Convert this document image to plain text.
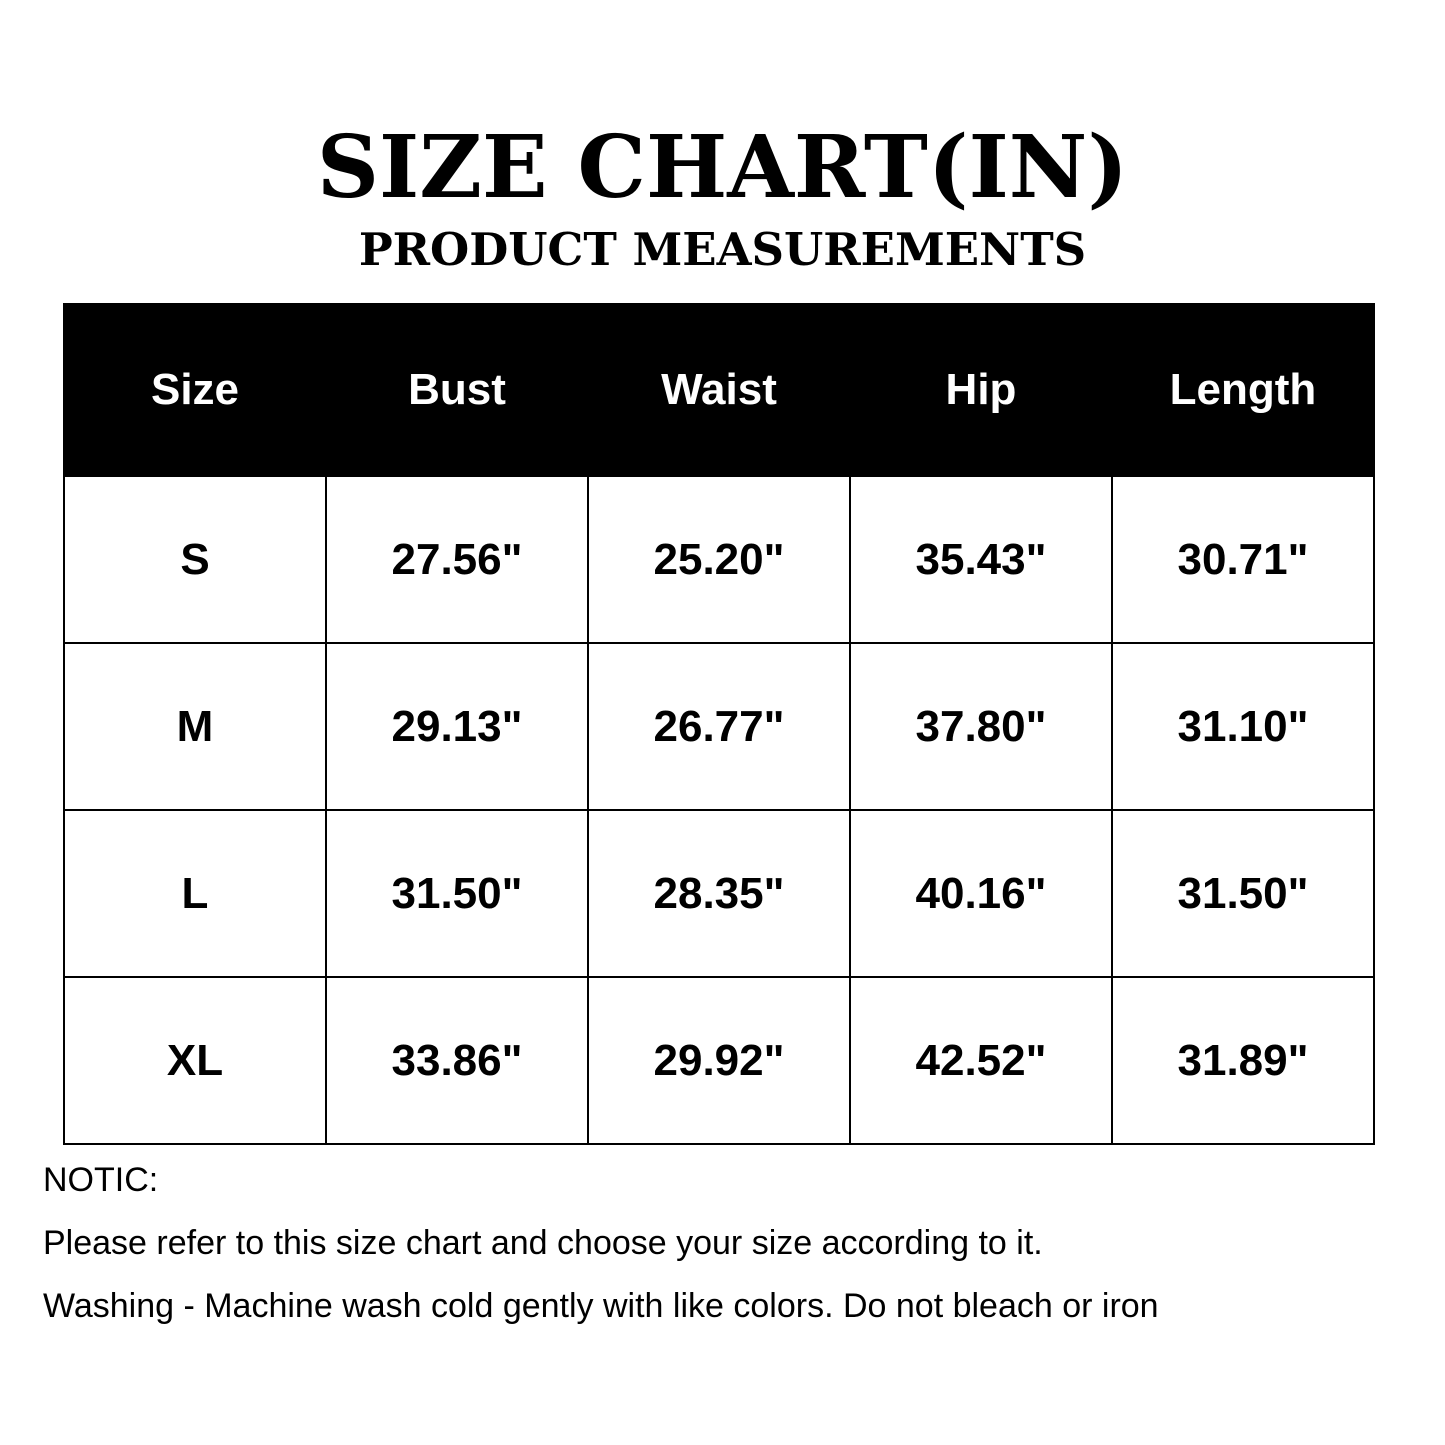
SIZE CHART(IN)
PRODUCT MEASUREMENTS
Size	Bust	Waist	Hip	Length
S	27.56"	25.20"	35.43"	30.71"
M	29.13"	26.77"	37.80"	31.10"
L	31.50"	28.35"	40.16"	31.50"
XL	33.86"	29.92"	42.52"	31.89"

NOTIC:

Please refer to this size chart and choose your size according to it.

Washing - Machine wash cold gently with like colors. Do not bleach or iron
